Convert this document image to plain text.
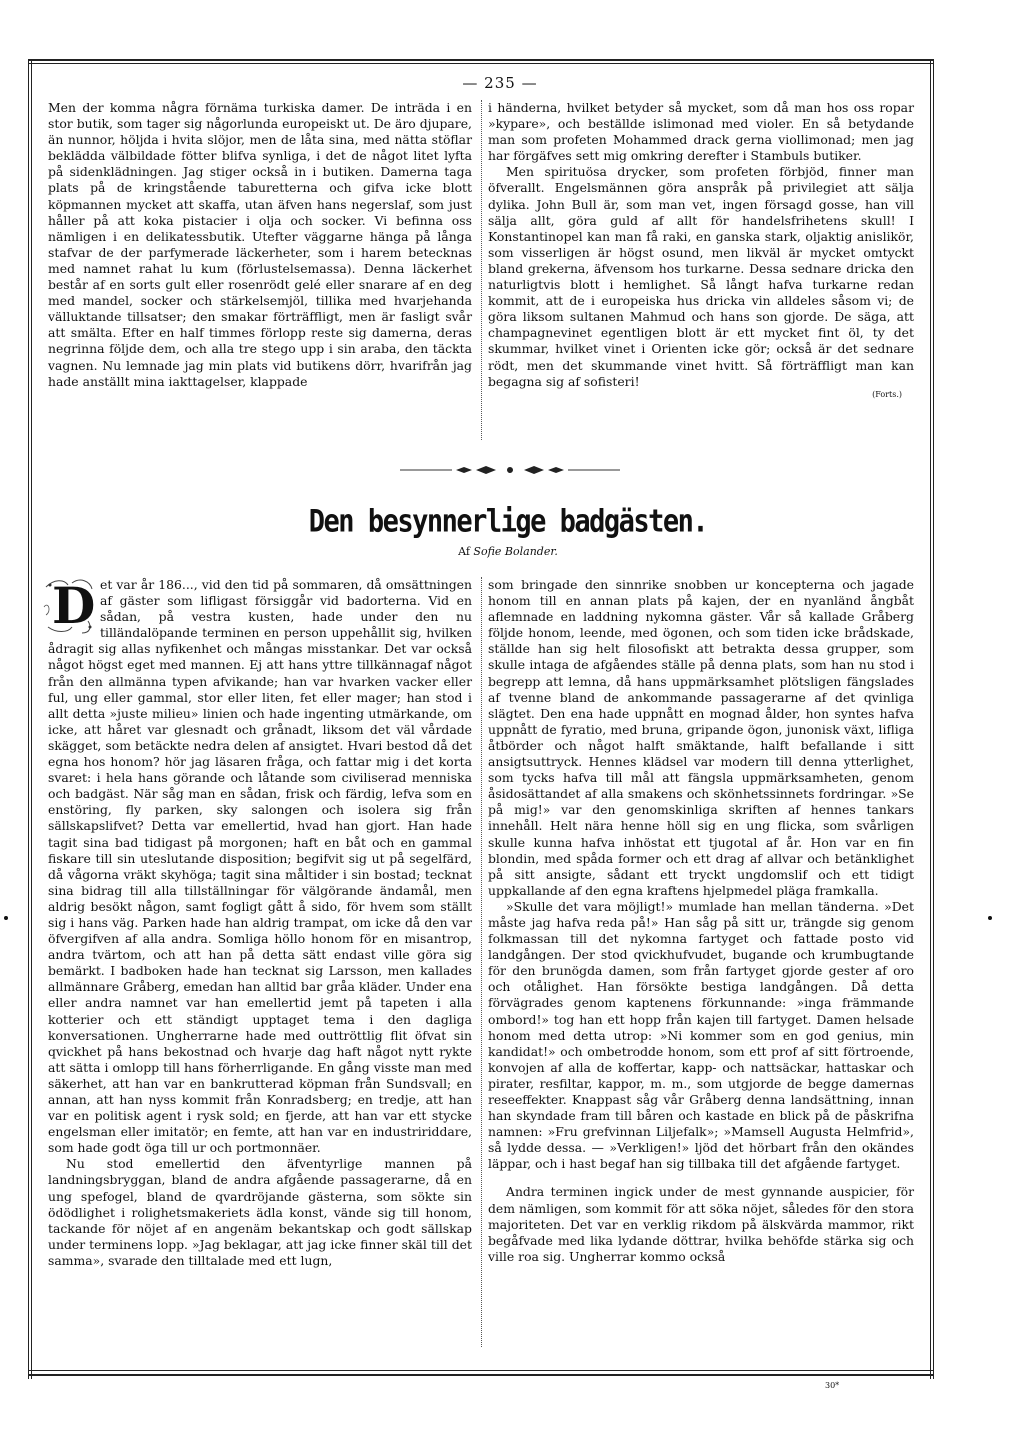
— 235 —

Men der komma några förnäma turkiska damer. De inträda i en stor butik, som tager sig någorlunda europeiskt ut. De äro djupare, än nunnor, höljda i hvita slöjor, men de låta sina, med nätta stöflar beklädda välbildade fötter blifva synliga, i det de något litet lyfta på sidenklädningen. Jag stiger också in i butiken. Damerna taga plats på de kringstående taburetterna och gifva icke blott köpmannen mycket att skaffa, utan äfven hans negerslaf, som just håller på att koka pistacier i olja och socker. Vi befinna oss nämligen i en delikatessbutik. Utefter väggarne hänga på långa stafvar de der parfymerade läckerheter, som i harem betecknas med namnet rahat lu kum (förlustelsemassa). Denna läckerhet består af en sorts gult eller rosenrödt gelé eller snarare af en deg med mandel, socker och stärkelsemjöl, tillika med hvarjehanda välluktande tillsatser; den smakar förträffligt, men är fasligt svår att smälta. Efter en half timmes förlopp reste sig damerna, deras negrinna följde dem, och alla tre stego upp i sin araba, den täckta vagnen. Nu lemnade jag min plats vid butikens dörr, hvarifrån jag hade anställt mina iakttagelser, klappade

i händerna, hvilket betyder så mycket, som då man hos oss ropar »kypare», och beställde islimonad med violer. En så betydande man som profeten Mohammed drack gerna viollimonad; men jag har förgäfves sett mig omkring derefter i Stambuls butiker.

Men spirituösa drycker, som profeten förbjöd, finner man öfverallt. Engelsmännen göra anspråk på privilegiet att sälja dylika. John Bull är, som man vet, ingen försagd gosse, han vill sälja allt, göra guld af allt för handelsfrihetens skull! I Konstantinopel kan man få raki, en ganska stark, oljaktig anislikör, som visserligen är högst osund, men likväl är mycket omtyckt bland grekerna, äfvensom hos turkarne. Dessa sednare dricka den naturligtvis blott i hemlighet. Så långt hafva turkarne redan kommit, att de i europeiska hus dricka vin alldeles såsom vi; de göra liksom sultanen Mahmud och hans son gjorde. De säga, att champagnevinet egentligen blott är ett mycket fint öl, ty det skummar, hvilket vinet i Orienten icke gör; också är det sednare rödt, men det skummande vinet hvitt. Så förträffligt man kan begagna sig af sofisteri!

(Forts.)
Den besynnerlige badgästen.
Af Sofie Bolander.
D et var år 186..., vid den tid på sommaren, då omsättningen af gäster som lifligast försiggår vid badorterna. Vid en sådan, på vestra kusten, hade under den nu tilländalöpande terminen en person uppehållit sig, hvilken ådragit sig allas nyfikenhet och mångas misstankar. Det var också något högst eget med mannen. Ej att hans yttre tillkännagaf något från den allmänna typen afvikande; han var hvarken vacker eller ful, ung eller gammal, stor eller liten, fet eller mager; han stod i allt detta »juste milieu» linien och hade ingenting utmärkande, om icke, att håret var glesnadt och grånadt, liksom det väl vårdade skägget, som betäckte nedra delen af ansigtet. Hvari bestod då det egna hos honom? hör jag läsaren fråga, och fattar mig i det korta svaret: i hela hans görande och låtande som civiliserad menniska och badgäst. När såg man en sådan, frisk och färdig, lefva som en enstöring, fly parken, sky salongen och isolera sig från sällskapslifvet? Detta var emellertid, hvad han gjort. Han hade tagit sina bad tidigast på morgonen; haft en båt och en gammal fiskare till sin uteslutande disposition; begifvit sig ut på segelfärd, då vågorna vräkt skyhöga; tagit sina måltider i sin bostad; tecknat sina bidrag till alla tillställningar för välgörande ändamål, men aldrig besökt någon, samt fogligt gått å sido, för hvem som ställt sig i hans väg. Parken hade han aldrig trampat, om icke då den var öfvergifven af alla andra. Somliga höllo honom för en misantrop, andra tvärtom, och att han på detta sätt endast ville göra sig bemärkt. I badboken hade han tecknat sig Larsson, men kallades allmännare Gråberg, emedan han alltid bar gråa kläder. Under ena eller andra namnet var han emellertid jemt på tapeten i alla kotterier och ett ständigt upptaget tema i den dagliga konversationen. Ungherrarne hade med outtröttlig flit öfvat sin qvickhet på hans bekostnad och hvarje dag haft något nytt rykte att sätta i omlopp till hans förherrligande. En gång visste man med säkerhet, att han var en bankrutterad köpman från Sundsvall; en annan, att han nyss kommit från Konradsberg; en tredje, att han var en politisk agent i rysk sold; en fjerde, att han var ett stycke engelsman eller imitatör; en femte, att han var en industririddare, som hade godt öga till ur och portmonnäer.

Nu stod emellertid den äfventyrlige mannen på landningsbryggan, bland de andra afgående passagerarne, då en ung spefogel, bland de qvardröjande gästerna, som sökte sin ödödlighet i rolighetsmakeriets ädla konst, vände sig till honom, tackande för nöjet af en angenäm bekantskap och godt sällskap under terminens lopp. »Jag beklagar, att jag icke finner skäl till det samma», svarade den tilltalade med ett lugn,

som bringade den sinnrike snobben ur koncepterna och jagade honom till en annan plats på kajen, der en nyanländ ångbåt aflemnade en laddning nykomna gäster. Vår så kallade Gråberg följde honom, leende, med ögonen, och som tiden icke brådskade, ställde han sig helt filosofiskt att betrakta dessa grupper, som skulle intaga de afgåendes ställe på denna plats, som han nu stod i begrepp att lemna, då hans uppmärksamhet plötsligen fängslades af tvenne bland de ankommande passagerarne af det qvinliga slägtet. Den ena hade uppnått en mognad ålder, hon syntes hafva uppnått de fyratio, med bruna, gripande ögon, junonisk växt, lifliga åtbörder och något halft smäktande, halft befallande i sitt ansigtsuttryck. Hennes klädsel var modern till denna ytterlighet, som tycks hafva till mål att fängsla uppmärksamheten, genom åsidosättandet af alla smakens och skönhetssinnets fordringar. »Se på mig!» var den genomskinliga skriften af hennes tankars innehåll. Helt nära henne höll sig en ung flicka, som svårligen skulle kunna hafva inhöstat ett tjugotal af år. Hon var en fin blondin, med spåda former och ett drag af allvar och betänklighet på sitt ansigte, sådant ett tryckt ungdomslif och ett tidigt uppkallande af den egna kraftens hjelpmedel pläga framkalla.

»Skulle det vara möjligt!» mumlade han mellan tänderna. »Det måste jag hafva reda på!» Han såg på sitt ur, trängde sig genom folkmassan till det nykomna fartyget och fattade posto vid landgången. Der stod qvickhufvudet, bugande och krumbugtande för den brunögda damen, som från fartyget gjorde gester af oro och otålighet. Han försökte bestiga landgången. Då detta förvägrades genom kaptenens förkunnande: »inga främmande ombord!» tog han ett hopp från kajen till fartyget. Damen helsade honom med detta utrop: »Ni kommer som en god genius, min kandidat!» och ombetrodde honom, som ett prof af sitt förtroende, konvojen af alla de koffertar, kapp- och nattsäckar, hattaskar och pirater, resfiltar, kappor, m. m., som utgjorde de begge damernas reseeffekter. Knappast såg vår Gråberg denna landsättning, innan han skyndade fram till båren och kastade en blick på de påskrifna namnen: »Fru grefvinnan Liljefalk»; »Mamsell Augusta Helmfrid», så lydde dessa. — »Verkligen!» ljöd det hörbart från den okändes läppar, och i hast begaf han sig tillbaka till det afgående fartyget.

Andra terminen ingick under de mest gynnande auspicier, för dem nämligen, som kommit för att söka nöjet, således för den stora majoriteten. Det var en verklig rikdom på älskvärda mammor, rikt begåfvade med lika lydande döttrar, hvilka behöfde stärka sig och ville roa sig. Ungherrar kommo också

30*
